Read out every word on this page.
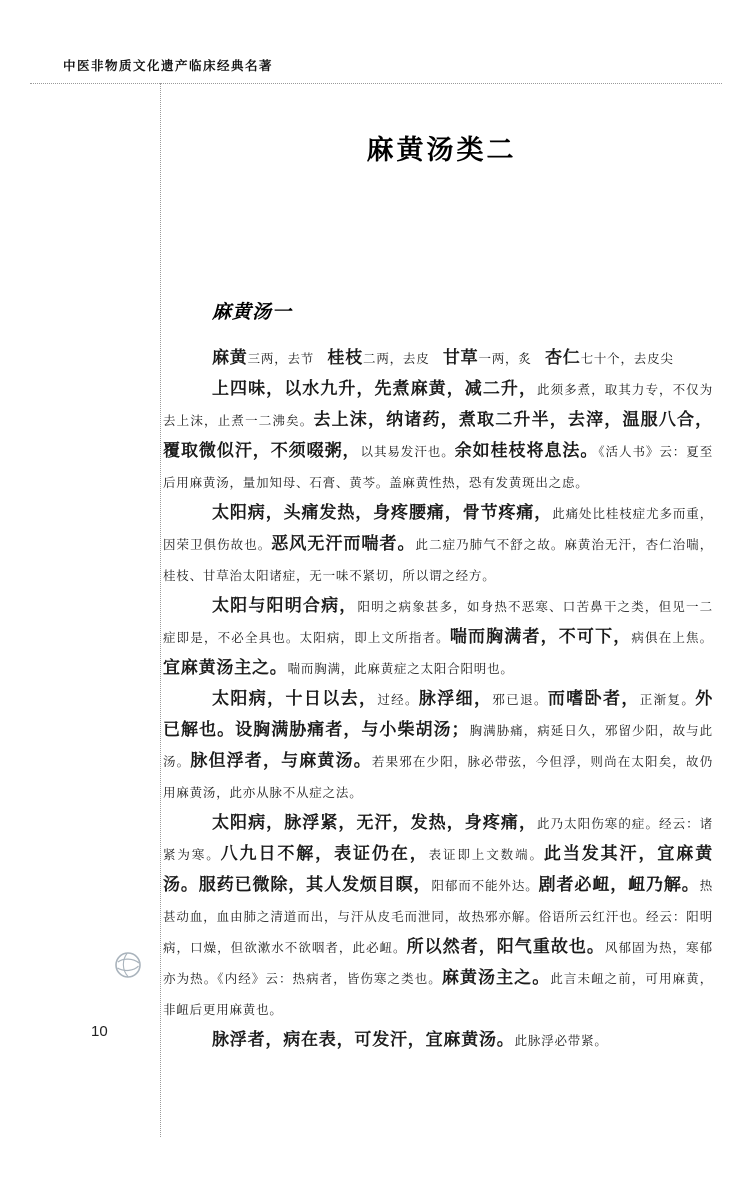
中医非物质文化遗产临床经典名著
麻黄汤类二
麻黄汤一

麻黄三两，去节　桂枝二两，去皮　甘草一两，炙　杏仁七十个，去皮尖

上四味，以水九升，先煮麻黄，减二升，此须多煮，取其力专，不仅为去上沫，止煮一二沸矣。去上沫，纳诸药，煮取二升半，去滓，温服八合，覆取微似汗，不须啜粥，以其易发汗也。余如桂枝将息法。《活人书》云：夏至后用麻黄汤，量加知母、石膏、黄芩。盖麻黄性热，恐有发黄斑出之虑。

太阳病，头痛发热，身疼腰痛，骨节疼痛，此痛处比桂枝症尤多而重，因荣卫俱伤故也。恶风无汗而喘者。此二症乃肺气不舒之故。麻黄治无汗，杏仁治喘，桂枝、甘草治太阳诸症，无一味不紧切，所以谓之经方。

太阳与阳明合病，阳明之病象甚多，如身热不恶寒、口苦鼻干之类，但见一二症即是，不必全具也。太阳病，即上文所指者。喘而胸满者，不可下，病俱在上焦。宜麻黄汤主之。喘而胸满，此麻黄症之太阳合阳明也。

太阳病，十日以去，过经。脉浮细，邪已退。而嗜卧者，正渐复。外已解也。设胸满胁痛者，与小柴胡汤；胸满胁痛，病延日久，邪留少阳，故与此汤。脉但浮者，与麻黄汤。若果邪在少阳，脉必带弦，今但浮，则尚在太阳矣，故仍用麻黄汤，此亦从脉不从症之法。

太阳病，脉浮紧，无汗，发热，身疼痛，此乃太阳伤寒的症。经云：诸紧为寒。八九日不解，表证仍在，表证即上文数端。此当发其汗，宜麻黄汤。服药已微除，其人发烦目瞑，阳郁而不能外达。剧者必衄，衄乃解。热甚动血，血由肺之清道而出，与汗从皮毛而泄同，故热邪亦解。俗语所云红汗也。经云：阳明病，口燥，但欲漱水不欲咽者，此必衄。所以然者，阳气重故也。风郁固为热，寒郁亦为热。《内经》云：热病者，皆伤寒之类也。麻黄汤主之。此言未衄之前，可用麻黄，非衄后更用麻黄也。

脉浮者，病在表，可发汗，宜麻黄汤。此脉浮必带紧。

10
